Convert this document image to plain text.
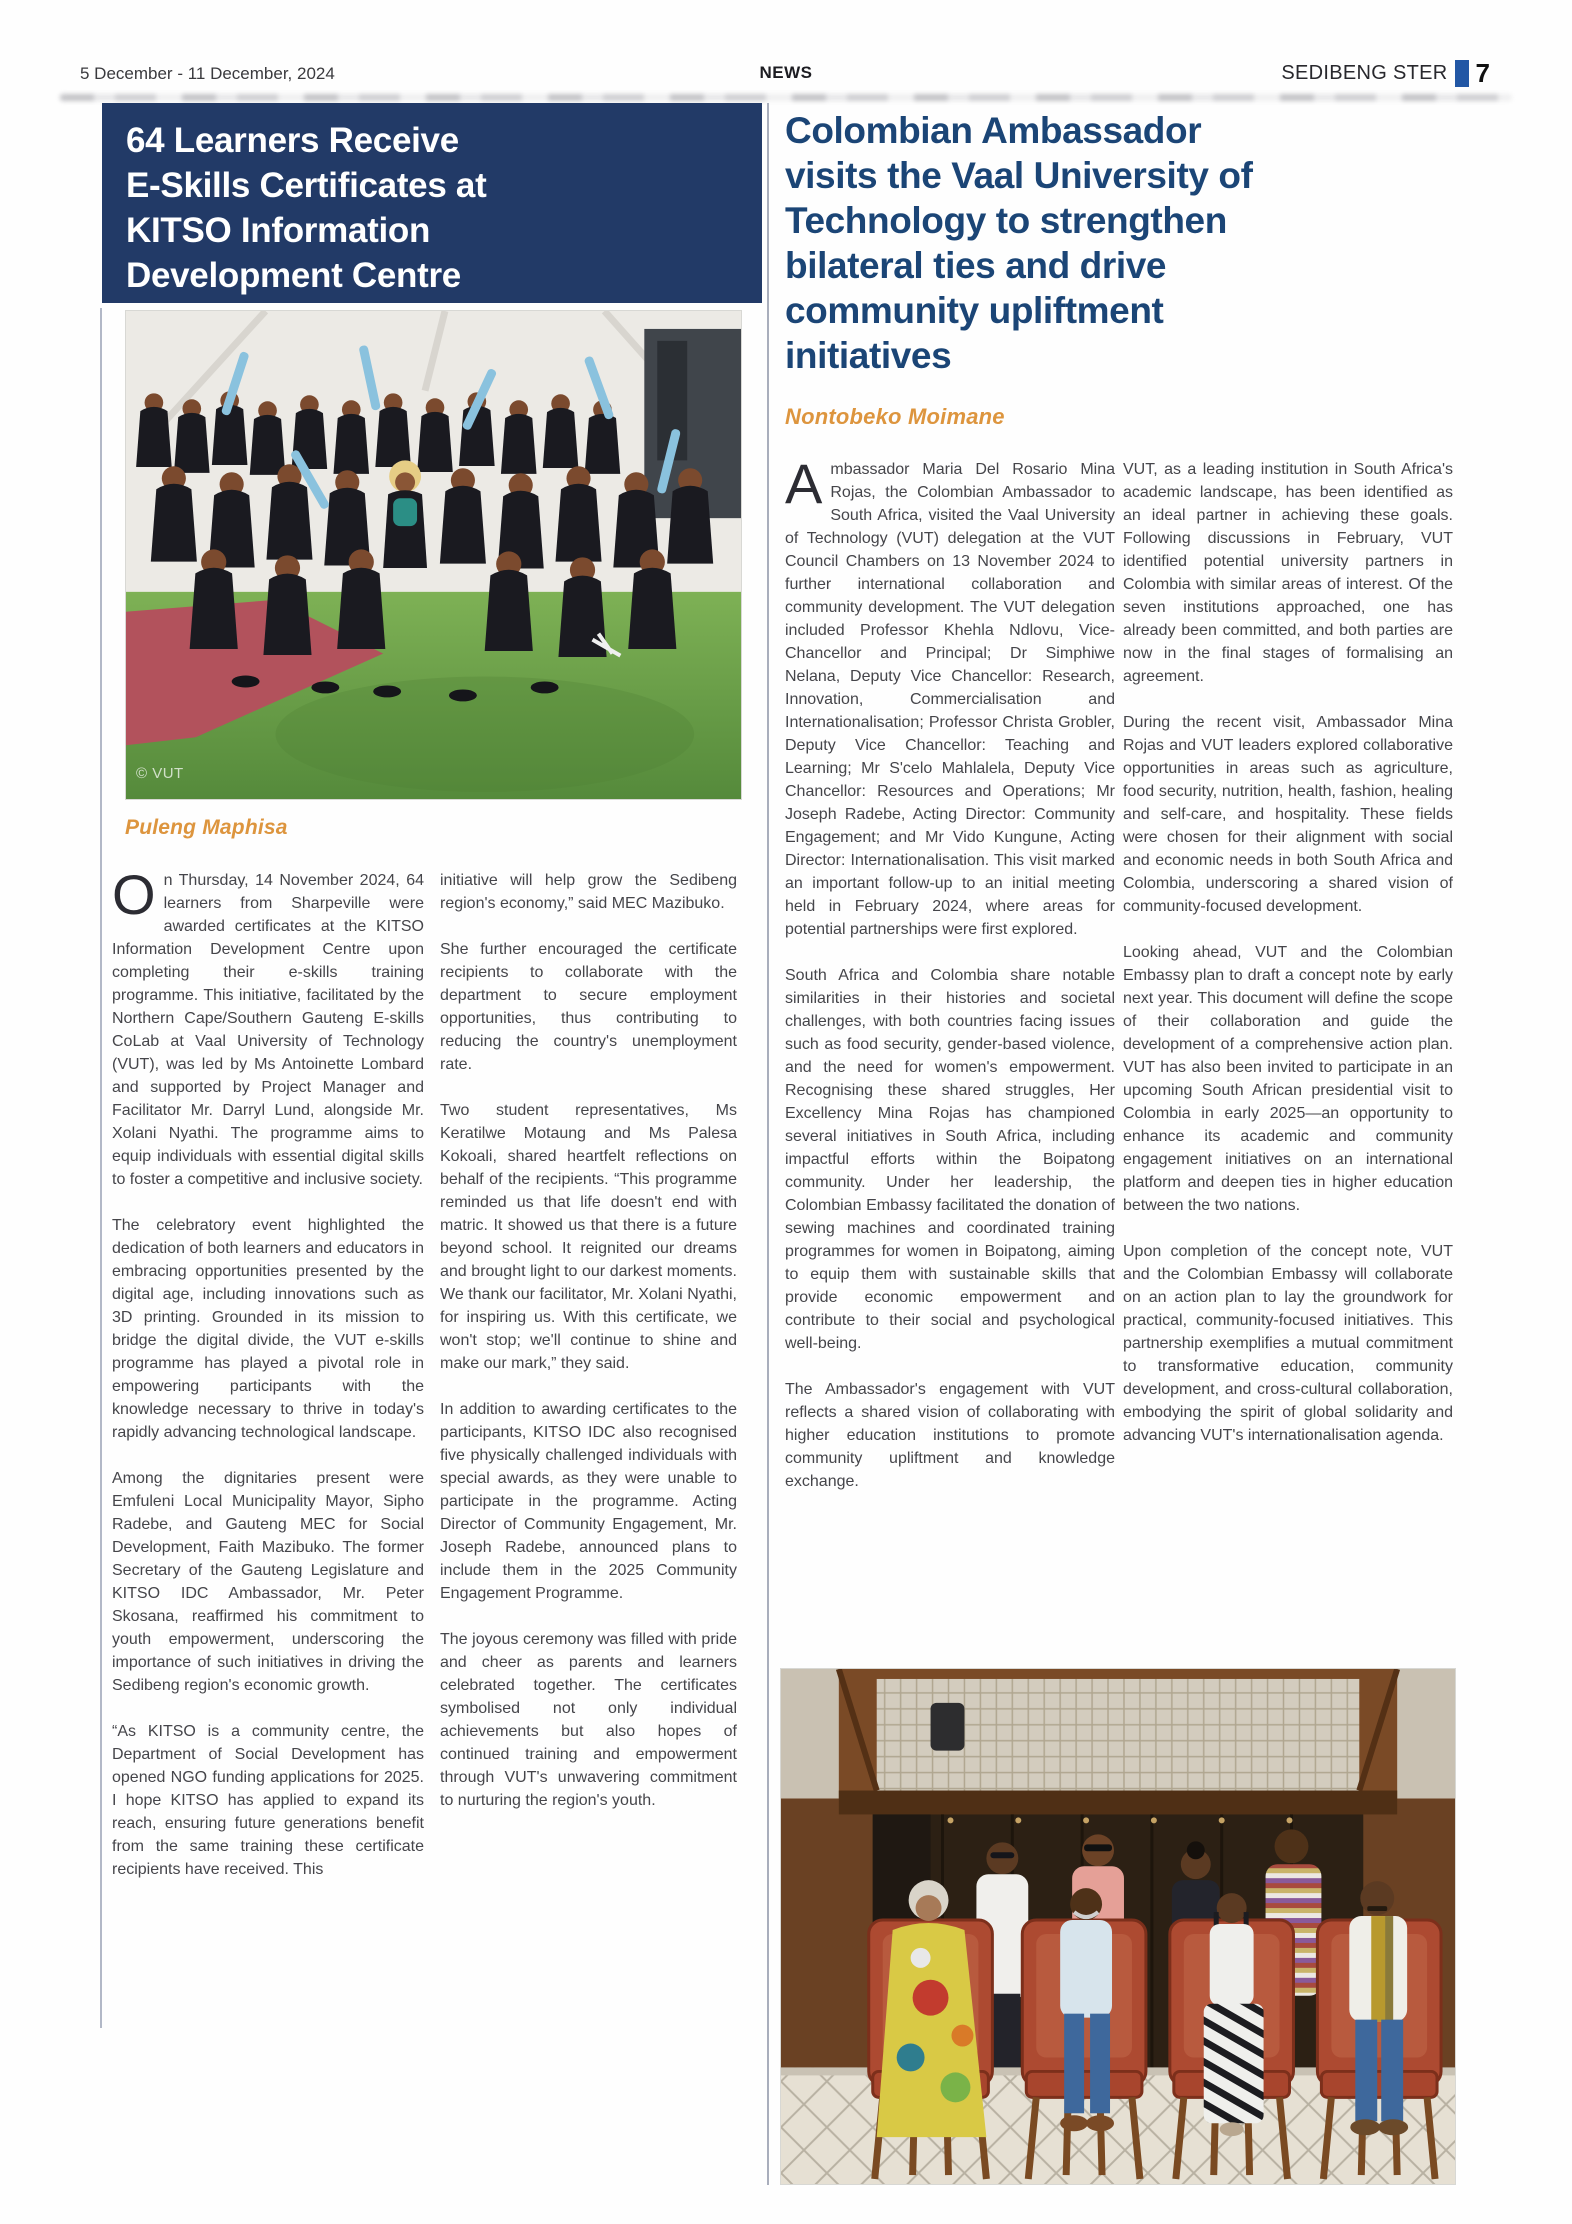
5 December - 11 December, 2024	NEWS	SEDIBENG STER 7
64 Learners Receive
E-Skills Certificates at
KITSO Information
Development Centre
© VUT
Puleng Maphisa

On Thursday, 14 November 2024, 64 learners from Sharpeville were awarded certificates at the KITSO Information Development Centre upon completing their e-skills training programme. This initiative, facilitated by the Northern Cape/Southern Gauteng E-skills CoLab at Vaal University of Technology (VUT), was led by Ms Antoinette Lombard and supported by Project Manager and Facilitator Mr. Darryl Lund, alongside Mr. Xolani Nyathi. The programme aims to equip individuals with essential digital skills to foster a competitive and inclusive society.

The celebratory event highlighted the dedication of both learners and educators in embracing opportunities presented by the digital age, including innovations such as 3D printing. Grounded in its mission to bridge the digital divide, the VUT e-skills programme has played a pivotal role in empowering participants with the knowledge necessary to thrive in today's rapidly advancing technological landscape.

Among the dignitaries present were Emfuleni Local Municipality Mayor, Sipho Radebe, and Gauteng MEC for Social Development, Faith Mazibuko. The former Secretary of the Gauteng Legislature and KITSO IDC Ambassador, Mr. Peter Skosana, reaffirmed his commitment to youth empowerment, underscoring the importance of such initiatives in driving the Sedibeng region's economic growth.

“As KITSO is a community centre, the Department of Social Development has opened NGO funding applications for 2025. I hope KITSO has applied to expand its reach, ensuring future generations benefit from the same training these certificate recipients have received. This

initiative will help grow the Sedibeng region's economy,” said MEC Mazibuko.

She further encouraged the certificate recipients to collaborate with the department to secure employment opportunities, thus contributing to reducing the country's unemployment rate.

Two student representatives, Ms Keratilwe Motaung and Ms Palesa Kokoali, shared heartfelt reflections on behalf of the recipients. “This programme reminded us that life doesn't end with matric. It showed us that there is a future beyond school. It reignited our dreams and brought light to our darkest moments. We thank our facilitator, Mr. Xolani Nyathi, for inspiring us. With this certificate, we won't stop; we'll continue to shine and make our mark,” they said.

In addition to awarding certificates to the participants, KITSO IDC also recognised five physically challenged individuals with special awards, as they were unable to participate in the programme. Acting Director of Community Engagement, Mr. Joseph Radebe, announced plans to include them in the 2025 Community Engagement Programme.

The joyous ceremony was filled with pride and cheer as parents and learners celebrated together. The certificates symbolised not only individual achievements but also hopes of continued training and empowerment through VUT's unwavering commitment to nurturing the region's youth.

Colombian Ambassador
visits the Vaal University of
Technology to strengthen
bilateral ties and drive
community upliftment
initiatives
Nontobeko Moimane

Ambassador Maria Del Rosario Mina Rojas, the Colombian Ambassador to South Africa, visited the Vaal University of Technology (VUT) delegation at the VUT Council Chambers on 13 November 2024 to further international collaboration and community development. The VUT delegation included Professor Khehla Ndlovu, Vice-Chancellor and Principal; Dr Simphiwe Nelana, Deputy Vice Chancellor: Research, Innovation, Commercialisation and Internationalisation; Professor Christa Grobler, Deputy Vice Chancellor: Teaching and Learning; Mr S'celo Mahlalela, Deputy Vice Chancellor: Resources and Operations; Mr Joseph Radebe, Acting Director: Community Engagement; and Mr Vido Kungune, Acting Director: Internationalisation. This visit marked an important follow-up to an initial meeting held in February 2024, where areas for potential partnerships were first explored.

South Africa and Colombia share notable similarities in their histories and societal challenges, with both countries facing issues such as food security, gender-based violence, and the need for women's empowerment. Recognising these shared struggles, Her Excellency Mina Rojas has championed several initiatives in South Africa, including impactful efforts within the Boipatong community. Under her leadership, the Colombian Embassy facilitated the donation of sewing machines and coordinated training programmes for women in Boipatong, aiming to equip them with sustainable skills that provide economic empowerment and contribute to their social and psychological well-being.

The Ambassador's engagement with VUT reflects a shared vision of collaborating with higher education institutions to promote community upliftment and knowledge exchange.

VUT, as a leading institution in South Africa's academic landscape, has been identified as an ideal partner in achieving these goals. Following discussions in February, VUT identified potential university partners in Colombia with similar areas of interest. Of the seven institutions approached, one has already been committed, and both parties are now in the final stages of formalising an agreement.

During the recent visit, Ambassador Mina Rojas and VUT leaders explored collaborative opportunities in areas such as agriculture, food security, nutrition, health, fashion, healing and self-care, and hospitality. These fields were chosen for their alignment with social and economic needs in both South Africa and Colombia, underscoring a shared vision of community-focused development.

Looking ahead, VUT and the Colombian Embassy plan to draft a concept note by early next year. This document will define the scope of their collaboration and guide the development of a comprehensive action plan. VUT has also been invited to participate in an upcoming South African presidential visit to Colombia in early 2025—an opportunity to enhance its academic and community engagement initiatives on an international platform and deepen ties in higher education between the two nations.

Upon completion of the concept note, VUT and the Colombian Embassy will collaborate on an action plan to lay the groundwork for practical, community-focused initiatives. This partnership exemplifies a mutual commitment to transformative education, community development, and cross-cultural collaboration, embodying the spirit of global solidarity and advancing VUT's internationalisation agenda.
